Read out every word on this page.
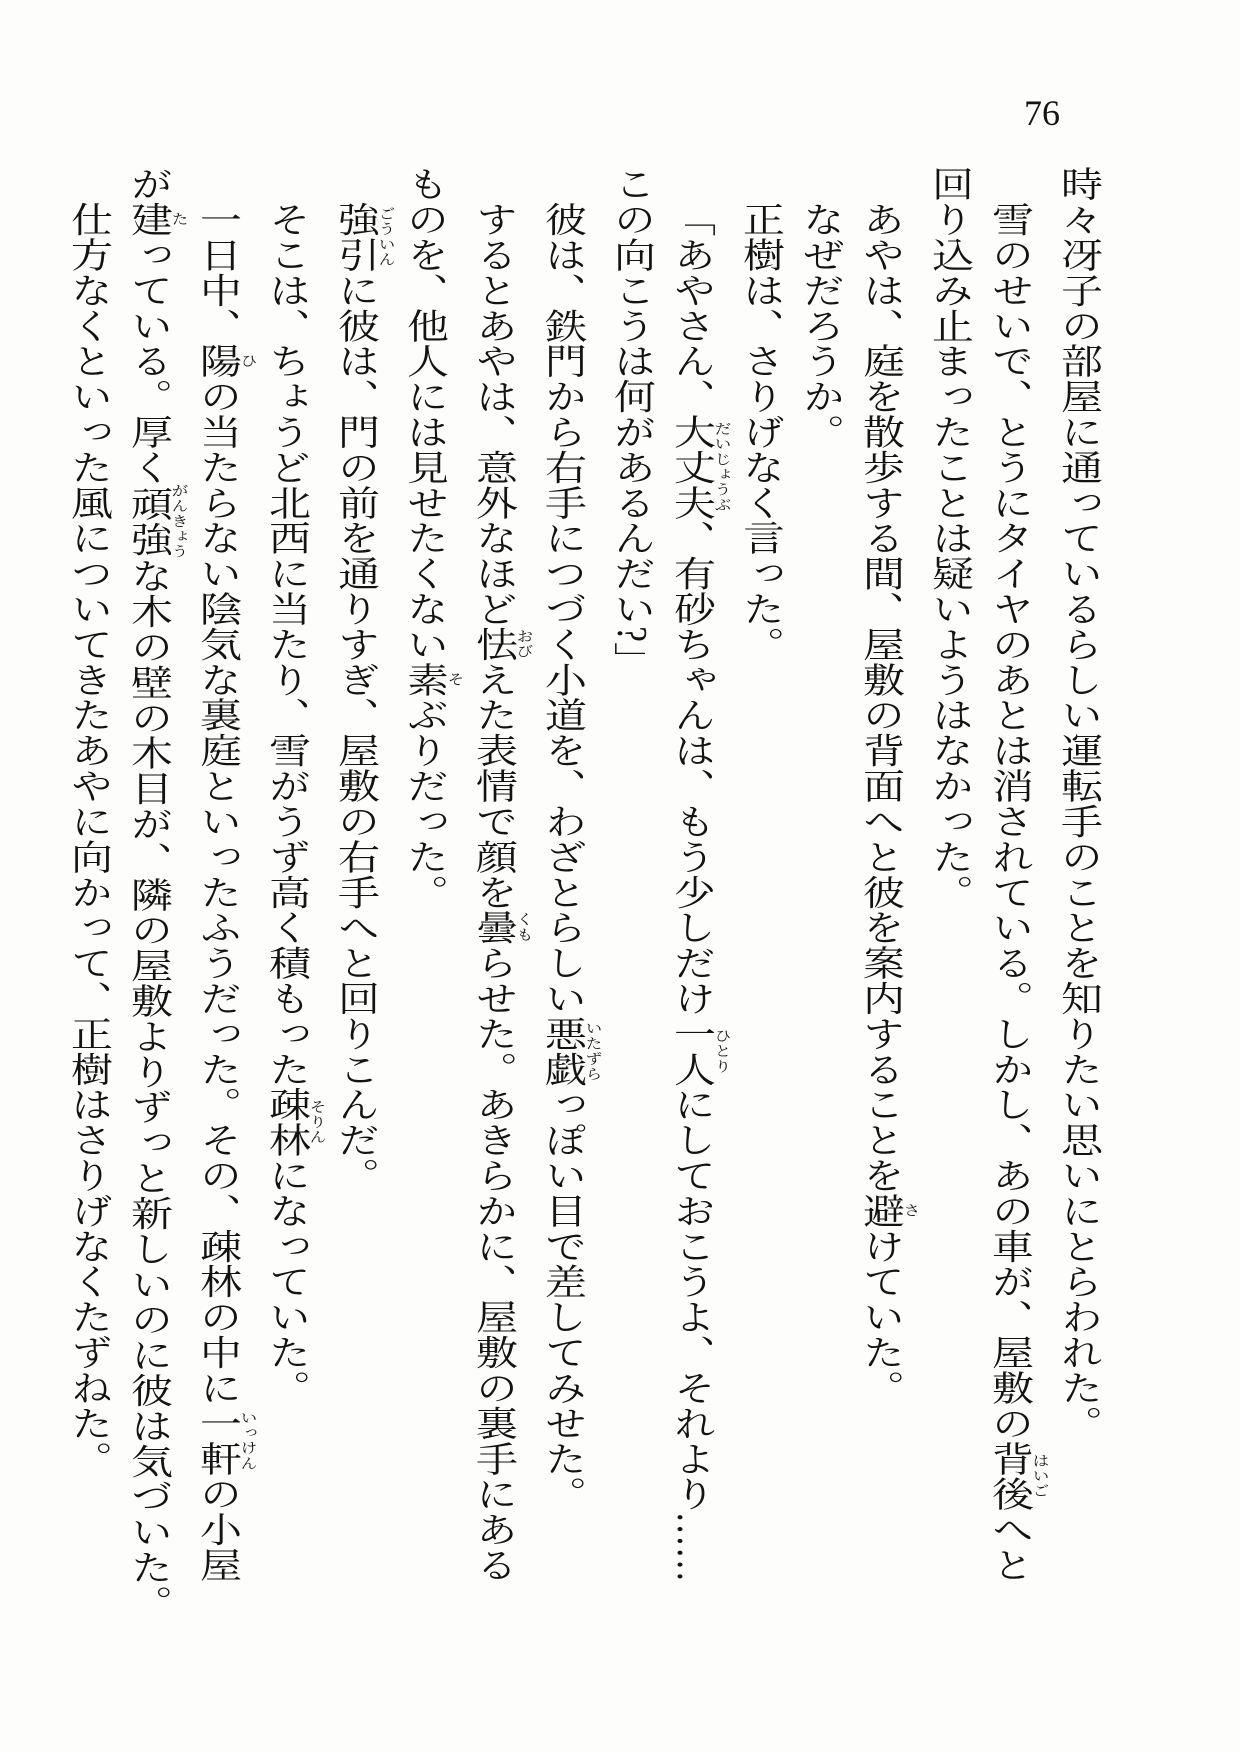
76
時々冴子の部屋に通っているらしい運転手のことを知りたい思いにとらわれた。
雪のせいで、とうにタイヤのあとは消されている。しかし、あの車が、屋敷の背後はいごへと
回り込み止まったことは疑いようはなかった。
あやは、庭を散歩する間、屋敷の背面へと彼を案内することを避さけていた。
なぜだろうか。
正樹は、さりげなく言った。
「あやさん、大丈夫だいじょうぶ、有砂ちゃんは、もう少しだけ一人ひとりにしておこうよ、それより……
この向こうは何があるんだい?」
彼は、鉄門から右手につづく小道を、わざとらしい悪戯いたずらっぽい目で差してみせた。
するとあやは、意外なほど怯おびえた表情で顔を曇くもらせた。あきらかに、屋敷の裏手にある
ものを、他人には見せたくない素そぶりだった。
強引ごういんに彼は、門の前を通りすぎ、屋敷の右手へと回りこんだ。
そこは、ちょうど北西に当たり、雪がうず高く積もった疎林そりんになっていた。
一日中、陽ひの当たらない陰気な裏庭といったふうだった。その、疎林の中に一軒いっけんの小屋
が建たっている。厚く頑強がんきょうな木の壁の木目が、隣の屋敷よりずっと新しいのに彼は気づいた。
仕方なくといった風についてきたあやに向かって、正樹はさりげなくたずねた。
